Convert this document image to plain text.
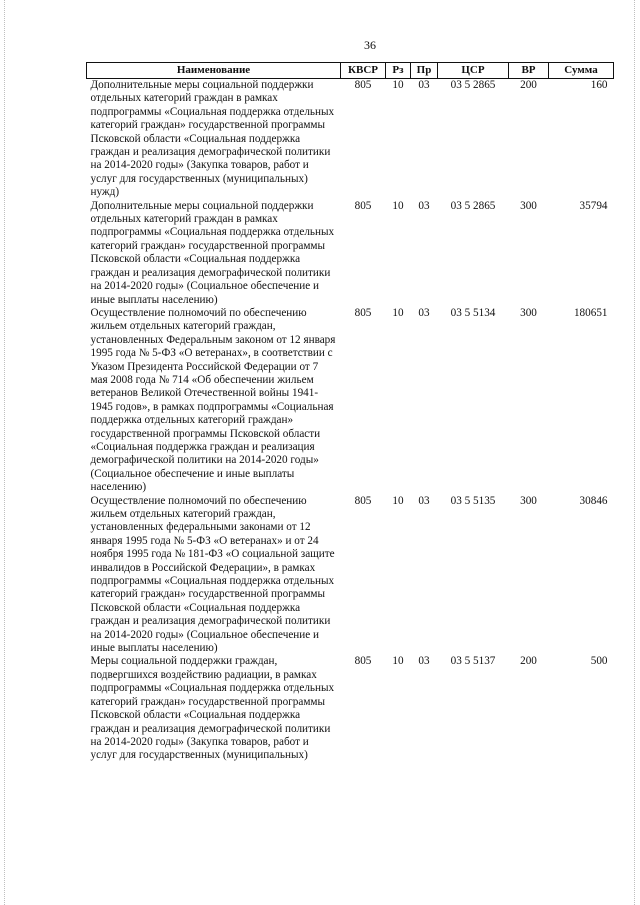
36
Наименование	КВСР	Рз	Пр	ЦСР	ВР	Сумма
Дополнительные меры социальной поддержки отдельных категорий граждан в рамках подпрограммы «Социальная поддержка отдельных категорий граждан» государственной программы Псковской области «Социальная поддержка граждан и реализация демографической политики на 2014-2020 годы» (Закупка товаров, работ и услуг для государственных (муниципальных) нужд)	805	10	03	03 5 2865	200	160
Дополнительные меры социальной поддержки отдельных категорий граждан в рамках подпрограммы «Социальная поддержка отдельных категорий граждан» государственной программы Псковской области «Социальная поддержка граждан и реализация демографической политики на 2014-2020 годы» (Социальное обеспечение и иные выплаты населению)	805	10	03	03 5 2865	300	35794
Осуществление полномочий по обеспечению жильем отдельных категорий граждан, установленных Федеральным законом от 12 января 1995 года № 5-ФЗ «О ветеранах», в соответствии с Указом Президента Российской Федерации от 7 мая 2008 года № 714 «Об обеспечении жильем ветеранов Великой Отечественной войны 1941-1945 годов», в рамках подпрограммы «Социальная поддержка отдельных категорий граждан» государственной программы Псковской области «Социальная поддержка граждан и реализация демографической политики на 2014-2020 годы» (Социальное обеспечение и иные выплаты населению)	805	10	03	03 5 5134	300	180651
Осуществление полномочий по обеспечению жильем отдельных категорий граждан, установленных федеральными законами от 12 января 1995 года № 5-ФЗ «О ветеранах» и от 24 ноября 1995 года № 181-ФЗ «О социальной защите инвалидов в Российской Федерации», в рамках подпрограммы «Социальная поддержка отдельных категорий граждан» государственной программы Псковской области «Социальная поддержка граждан и реализация демографической политики на 2014-2020 годы» (Социальное обеспечение и иные выплаты населению)	805	10	03	03 5 5135	300	30846
Меры социальной поддержки граждан, подвергшихся воздействию радиации, в рамках подпрограммы «Социальная поддержка отдельных категорий граждан» государственной программы Псковской области «Социальная поддержка граждан и реализация демографической политики на 2014-2020 годы» (Закупка товаров, работ и услуг для государственных (муниципальных)	805	10	03	03 5 5137	200	500
